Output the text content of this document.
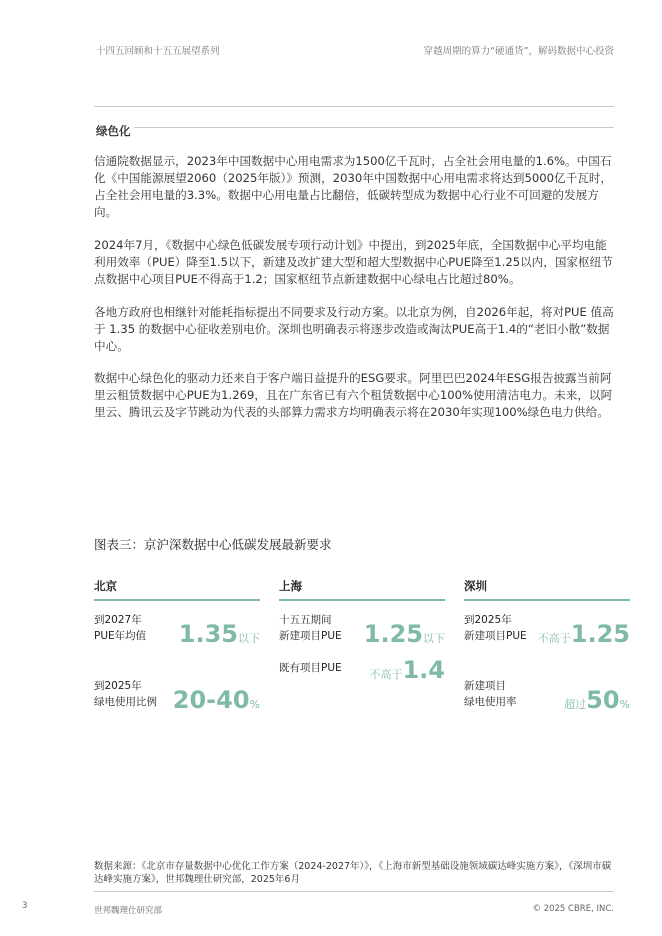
十四五回顾和十五五展望系列	穿越周期的算力“硬通货”，解码数据中心投资
绿色化

信通院数据显示，2023年中国数据中心用电需求为1500亿千瓦时，占全社会用电量的1.6%。中国石化《中国能源展望2060（2025年版）》预测，2030年中国数据中心用电需求将达到5000亿千瓦时，占全社会用电量的3.3%。数据中心用电量占比翻倍，低碳转型成为数据中心行业不可回避的发展方向。

2024年7月，《数据中心绿色低碳发展专项行动计划》中提出，到2025年底，全国数据中心平均电能利用效率（PUE）降至1.5以下，新建及改扩建大型和超大型数据中心PUE降至1.25以内，国家枢纽节点数据中心项目PUE不得高于1.2；国家枢纽节点新建数据中心绿电占比超过80%。

各地方政府也相继针对能耗指标提出不同要求及行动方案。以北京为例，自2026年起，将对PUE 值高于 1.35 的数据中心征收差别电价。深圳也明确表示将逐步改造或淘汰PUE高于1.4的“老旧小散”数据中心。

数据中心绿色化的驱动力还来自于客户端日益提升的ESG要求。阿里巴巴2024年ESG报告披露当前阿里云租赁数据中心PUE为1.269，且在广东省已有六个租赁数据中心100%使用清洁电力。未来，以阿里云、腾讯云及字节跳动为代表的头部算力需求方均明确表示将在2030年实现100%绿色电力供给。

图表三：京沪深数据中心低碳发展最新要求
北京
到2027年
PUE年均值 1.35以下
到2025年
绿电使用比例 20-40%
上海
十五五期间
新建项目PUE 1.25以下
既有项目PUE	不高于1.4
深圳
到2025年
新建项目PUE 不高于1.25
新建项目
绿电使用率	超过50%
数据来源：《北京市存量数据中心优化工作方案（2024-2027年）》，《上海市新型基础设施领域碳达峰实施方案》，《深圳市碳达峰实施方案》，世邦魏理仕研究部，2025年6月
3	世邦魏理仕研究部	© 2025 CBRE, INC.
